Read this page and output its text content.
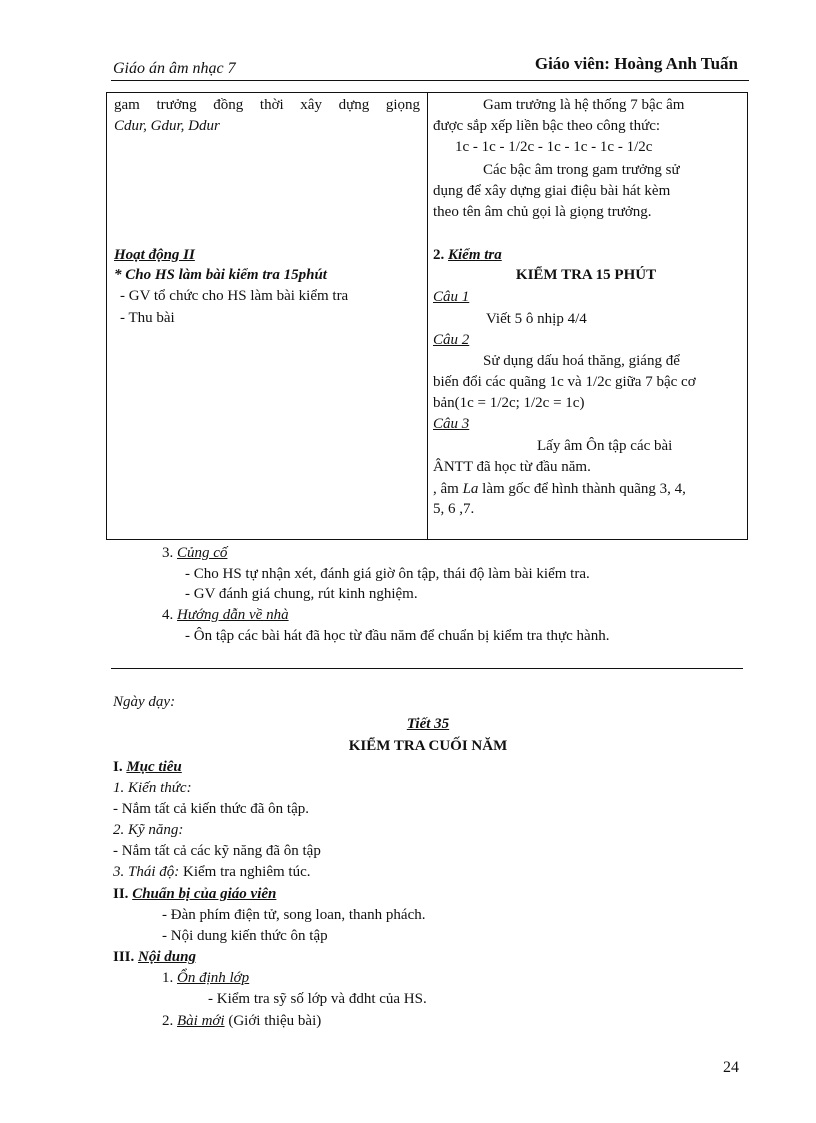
Giáo án âm nhạc 7	Giáo viên: Hoàng Anh Tuấn
gam trưởng đồng thời xây dựng giọng
Cdur, Gdur, Ddur
Hoạt động II
* Cho HS làm bài kiểm tra 15phút
- GV tổ chức cho HS làm bài kiểm tra
- Thu bài
Gam trưởng là hệ thống 7 bậc âm
được sắp xếp liền bậc theo công thức:
1c - 1c - 1/2c - 1c - 1c - 1c - 1/2c
Các bậc âm trong gam trưởng sử
dụng để xây dựng giai điệu bài hát kèm
theo tên âm chủ gọi là giọng trưởng.
2. Kiểm tra
KIỂM TRA 15 PHÚT
Câu 1
Viết 5 ô nhịp 4/4
Câu 2
Sử dụng dấu hoá thăng, giáng để
biến đổi các quãng 1c và 1/2c giữa 7 bậc cơ
bản(1c = 1/2c; 1/2c = 1c)
Câu 3
Lấy âm Ôn tập các bài
ÂNTT đã học từ đầu năm.
, âm La làm gốc để hình thành quãng 3, 4,
5, 6 ,7.
3. Củng cố
- Cho HS tự nhận xét, đánh giá giờ ôn tập, thái độ làm bài kiểm tra.
- GV đánh giá chung, rút kinh nghiệm.
4. Hướng dẫn về nhà
- Ôn tập các bài hát đã học từ đầu năm để chuẩn bị kiểm tra thực hành.
Ngày dạy:
Tiết 35
KIỂM TRA CUỐI NĂM
I. Mục tiêu
1. Kiến thức:
- Nắm tất cả kiến thức đã ôn tập.
2. Kỹ năng:
- Nắm tất cả các kỹ năng đã ôn tập
3. Thái độ: Kiểm tra nghiêm túc.
II. Chuẩn bị của giáo viên
- Đàn phím điện tử, song loan, thanh phách.
- Nội dung kiến thức ôn tập
III. Nội dung
1. Ổn định lớp
- Kiểm tra sỹ số lớp và đdht của HS.
2. Bài mới (Giới thiệu bài)
24
